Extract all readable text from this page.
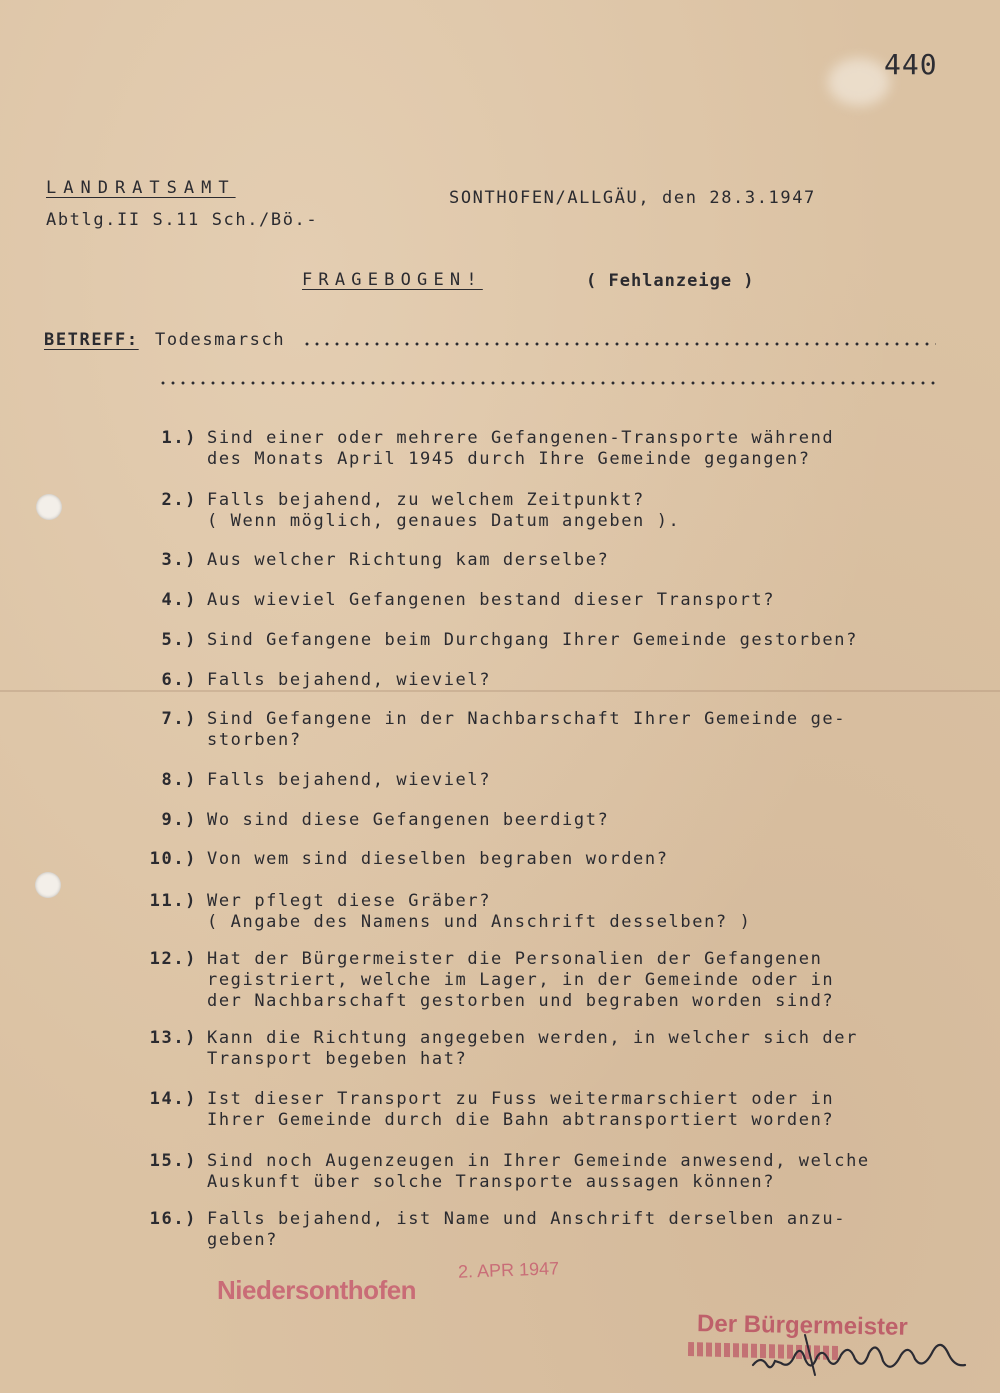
440
LANDRATSAMT
Abtlg.II S.11 Sch./Bö.-
SONTHOFEN/ALLGÄU, den 28.3.1947
FRAGEBOGEN!	( Fehlanzeige )
BETREFF: Todesmarsch
1.) Sind einer oder mehrere Gefangenen-Transporte während
des Monats April 1945 durch Ihre Gemeinde gegangen?
2.) Falls bejahend, zu welchem Zeitpunkt?
( Wenn möglich, genaues Datum angeben ).
3.) Aus welcher Richtung kam derselbe?
4.) Aus wieviel Gefangenen bestand dieser Transport?
5.) Sind Gefangene beim Durchgang Ihrer Gemeinde gestorben?
6.) Falls bejahend, wieviel?
7.) Sind Gefangene in der Nachbarschaft Ihrer Gemeinde ge-
storben?
8.) Falls bejahend, wieviel?
9.) Wo sind diese Gefangenen beerdigt?
10.) Von wem sind dieselben begraben worden?
11.) Wer pflegt diese Gräber?
( Angabe des Namens und Anschrift desselben? )
12.) Hat der Bürgermeister die Personalien der Gefangenen
registriert, welche im Lager, in der Gemeinde oder in
der Nachbarschaft gestorben und begraben worden sind?
13.) Kann die Richtung angegeben werden, in welcher sich der
Transport begeben hat?
14.) Ist dieser Transport zu Fuss weitermarschiert oder in
Ihrer Gemeinde durch die Bahn abtransportiert worden?
15.) Sind noch Augenzeugen in Ihrer Gemeinde anwesend, welche
Auskunft über solche Transporte aussagen können?
16.) Falls bejahend, ist Name und Anschrift derselben anzu-
geben?
Niedersonthofen
2. APR 1947
Der Bürgermeister
